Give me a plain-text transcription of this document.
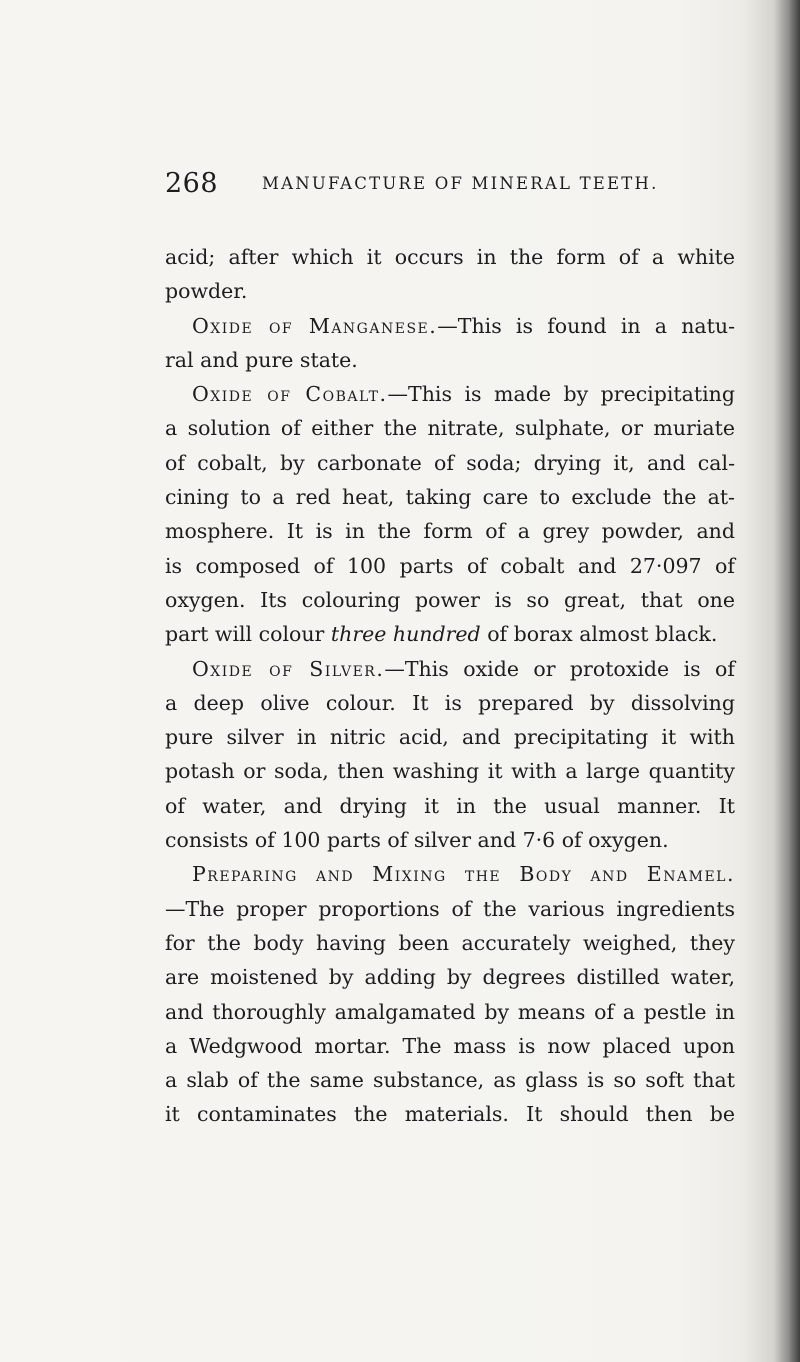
268	MANUFACTURE OF MINERAL TEETH.
acid; after which it occurs in the form of a white
powder.
Oxide of Manganese.—This is found in a natu-
ral and pure state.
Oxide of Cobalt.—This is made by precipitating
a solution of either the nitrate, sulphate, or muriate
of cobalt, by carbonate of soda; drying it, and cal-
cining to a red heat, taking care to exclude the at-
mosphere. It is in the form of a grey powder, and
is composed of 100 parts of cobalt and 27·097 of
oxygen. Its colouring power is so great, that one
part will colour three hundred of borax almost black.
Oxide of Silver.—This oxide or protoxide is of
a deep olive colour. It is prepared by dissolving
pure silver in nitric acid, and precipitating it with
potash or soda, then washing it with a large quantity
of water, and drying it in the usual manner. It
consists of 100 parts of silver and 7·6 of oxygen.
Preparing and Mixing the Body and Enamel.
—The proper proportions of the various ingredients
for the body having been accurately weighed, they
are moistened by adding by degrees distilled water,
and thoroughly amalgamated by means of a pestle in
a Wedgwood mortar. The mass is now placed upon
a slab of the same substance, as glass is so soft that
it contaminates the materials. It should then be
